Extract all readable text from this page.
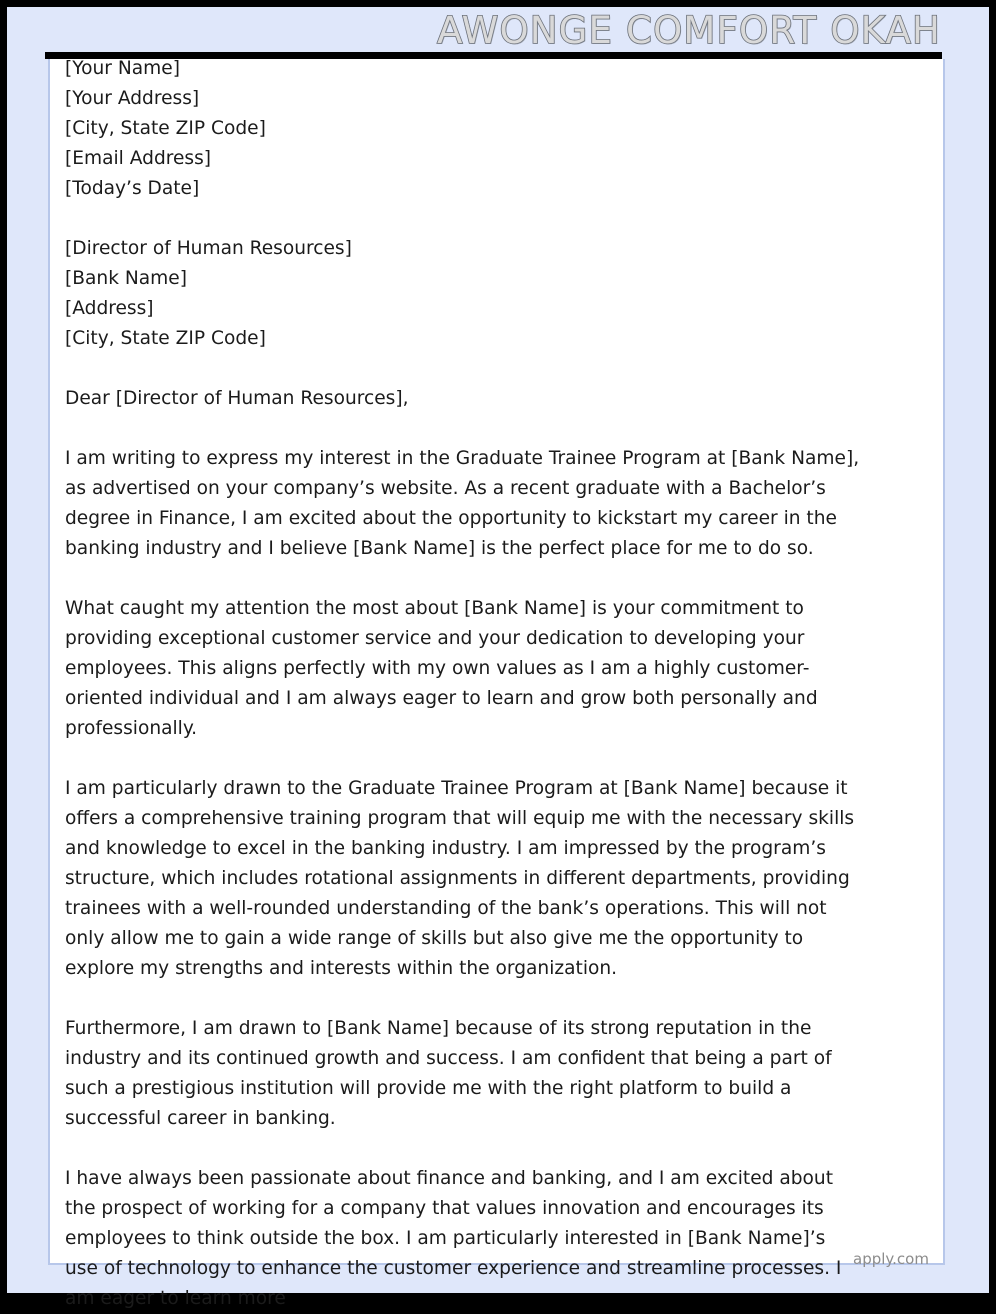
AWONGE COMFORT OKAH
[Your Name]
[Your Address]
[City, State ZIP Code]
[Email Address]
[Today’s Date]
[Director of Human Resources]
[Bank Name]
[Address]
[City, State ZIP Code]
Dear [Director of Human Resources],
I am writing to express my interest in the Graduate Trainee Program at [Bank Name], as advertised on your company’s website. As a recent graduate with a Bachelor’s degree in Finance, I am excited about the opportunity to kickstart my career in the banking industry and I believe [Bank Name] is the perfect place for me to do so.
What caught my attention the most about [Bank Name] is your commitment to providing exceptional customer service and your dedication to developing your employees. This aligns perfectly with my own values as I am a highly customer-oriented individual and I am always eager to learn and grow both personally and professionally.
I am particularly drawn to the Graduate Trainee Program at [Bank Name] because it offers a comprehensive training program that will equip me with the necessary skills and knowledge to excel in the banking industry. I am impressed by the program’s structure, which includes rotational assignments in different departments, providing trainees with a well-rounded understanding of the bank’s operations. This will not only allow me to gain a wide range of skills but also give me the opportunity to explore my strengths and interests within the organization.
Furthermore, I am drawn to [Bank Name] because of its strong reputation in the industry and its continued growth and success. I am confident that being a part of such a prestigious institution will provide me with the right platform to build a successful career in banking.
I have always been passionate about finance and banking, and I am excited about the prospect of working for a company that values innovation and encourages its employees to think outside the box. I am particularly interested in [Bank Name]’s use of technology to enhance the customer experience and streamline processes. I am eager to learn more
apply.com
